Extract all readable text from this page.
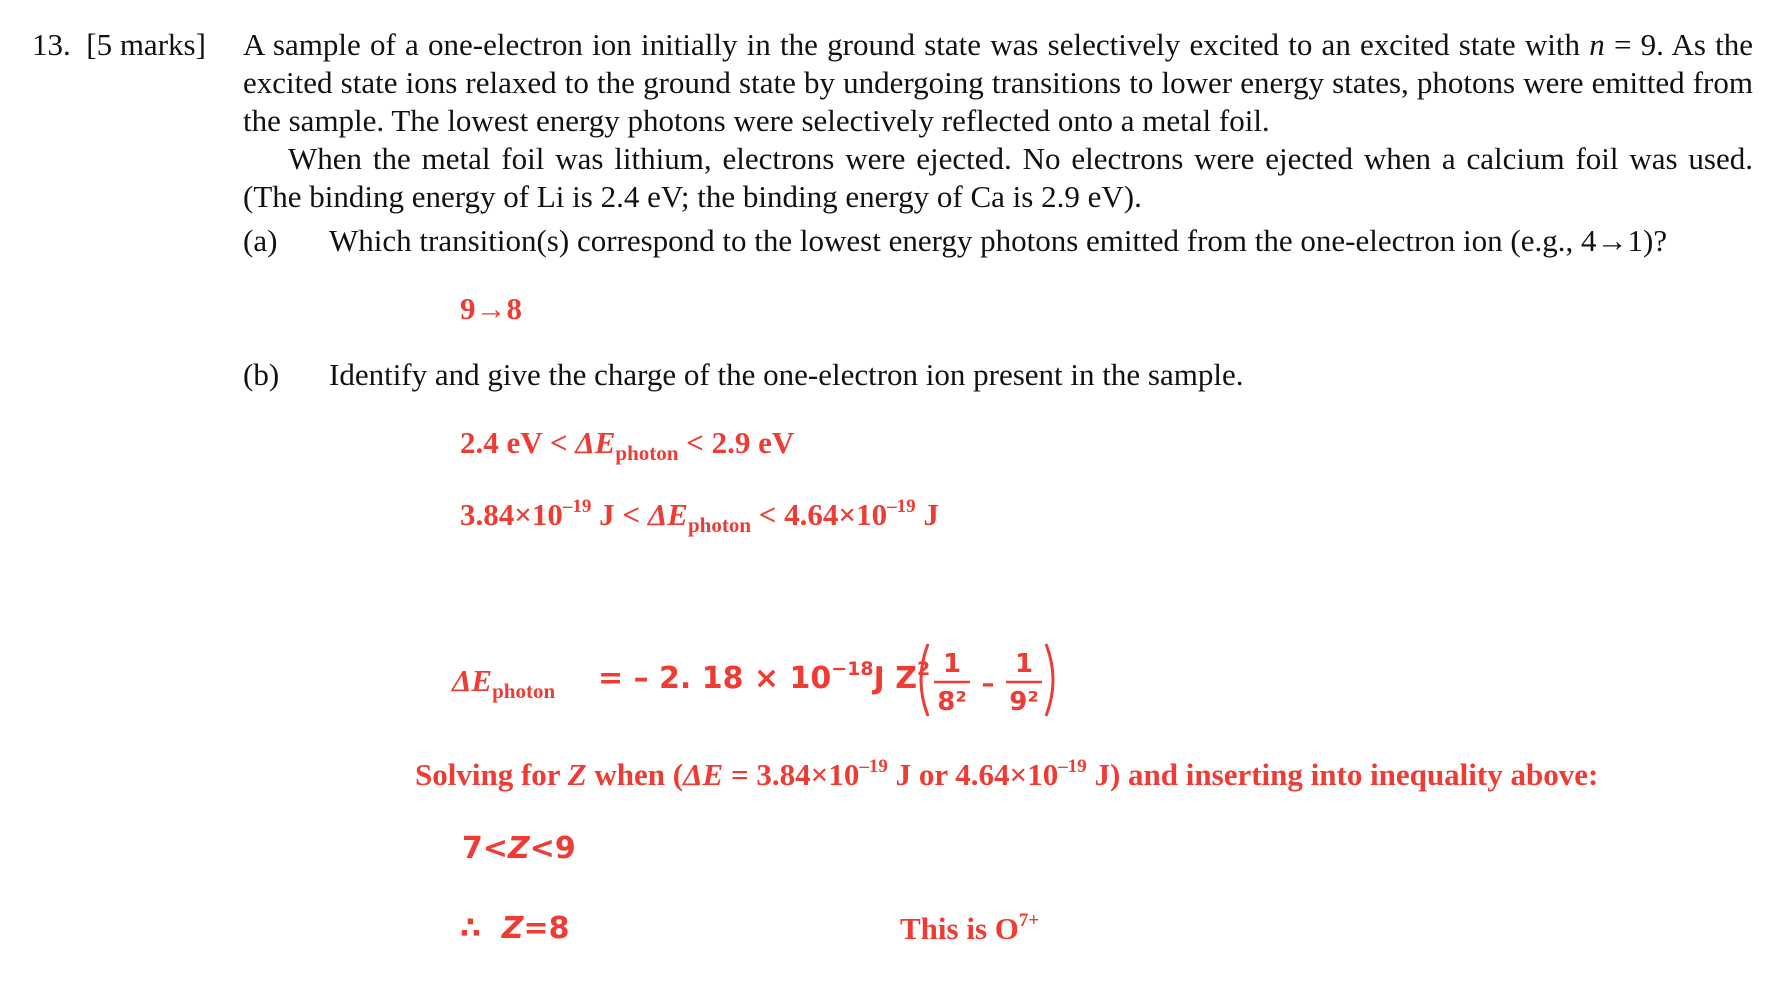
13. [5 marks] A sample of a one-electron ion initially in the ground state was selectively excited to an excited state with n = 9. As the excited state ions relaxed to the ground state by undergoing transitions to lower energy states, photons were emitted from the sample. The lowest energy photons were selectively reflected onto a metal foil.

When the metal foil was lithium, electrons were ejected. No electrons were ejected when a calcium foil was used. (The binding energy of Li is 2.4 eV; the binding energy of Ca is 2.9 eV).

(a) Which transition(s) correspond to the lowest energy photons emitted from the one-electron ion (e.g., 4→1)?
9→8
(b) Identify and give the charge of the one-electron ion present in the sample.
2.4 eV < $\Delta E_{photon} < 2.9$ eV
$3.84\times 10^{-19}$ $J < \Delta E_{photon} < 4.64\times 10^{-19}$ J
$\Delta E_{photon}$ = – 2. $18 \times 10^{-18}J$ $Z^2$ 1
8²
–
1
9²
Solving for Z when ($\Delta E = 3.84\times 10^{-19}$ J or $4.64\times 10^{-19}$ J) and inserting into inequality above:
7<Z<9
∴ Z=8	This is $O^{7+}$
